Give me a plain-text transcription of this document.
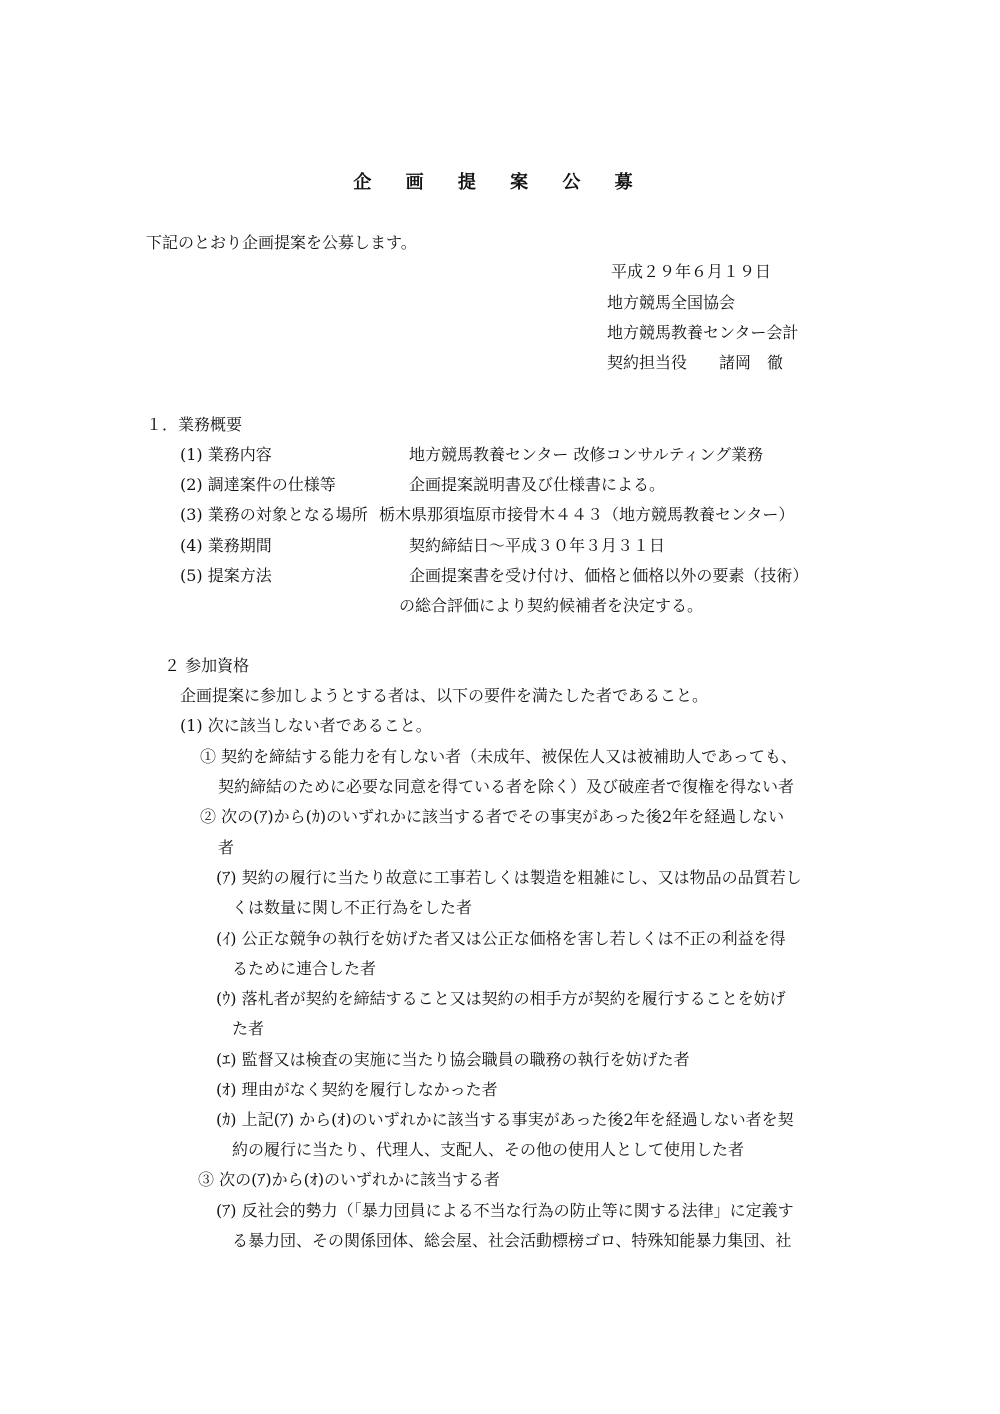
企 画 提 案 公 募
下記のとおり企画提案を公募します。
平成２９年６月１９日
地方競馬全国協会
地方競馬教養センター会計
契約担当役　　諸岡　徹
１．業務概要
(1) 業務内容	地方競馬教養センター 改修コンサルティング業務
(2) 調達案件の仕様等	企画提案説明書及び仕様書による。
(3) 業務の対象となる場所 栃木県那須塩原市接骨木４４３（地方競馬教養センター）
(4) 業務期間	契約締結日～平成３０年３月３１日
(5) 提案方法	企画提案書を受け付け、価格と価格以外の要素（技術）
の総合評価により契約候補者を決定する。
２ 参加資格
企画提案に参加しようとする者は、以下の要件を満たした者であること。
(1) 次に該当しない者であること。
① 契約を締結する能力を有しない者（未成年、被保佐人又は被補助人であっても、
契約締結のために必要な同意を得ている者を除く）及び破産者で復権を得ない者
② 次の(ｱ)から(ｶ)のいずれかに該当する者でその事実があった後2年を経過しない
者
(ｱ) 契約の履行に当たり故意に工事若しくは製造を粗雑にし、又は物品の品質若し
くは数量に関し不正行為をした者
(ｲ) 公正な競争の執行を妨げた者又は公正な価格を害し若しくは不正の利益を得
るために連合した者
(ｳ) 落札者が契約を締結すること又は契約の相手方が契約を履行することを妨げ
た者
(ｴ) 監督又は検査の実施に当たり協会職員の職務の執行を妨げた者
(ｵ) 理由がなく契約を履行しなかった者
(ｶ) 上記(ｱ) から(ｵ)のいずれかに該当する事実があった後2年を経過しない者を契
約の履行に当たり、代理人、支配人、その他の使用人として使用した者
③ 次の(ｱ)から(ｵ)のいずれかに該当する者
(ｱ) 反社会的勢力（「暴力団員による不当な行為の防止等に関する法律」に定義す
る暴力団、その関係団体、総会屋、社会活動標榜ゴロ、特殊知能暴力集団、社
